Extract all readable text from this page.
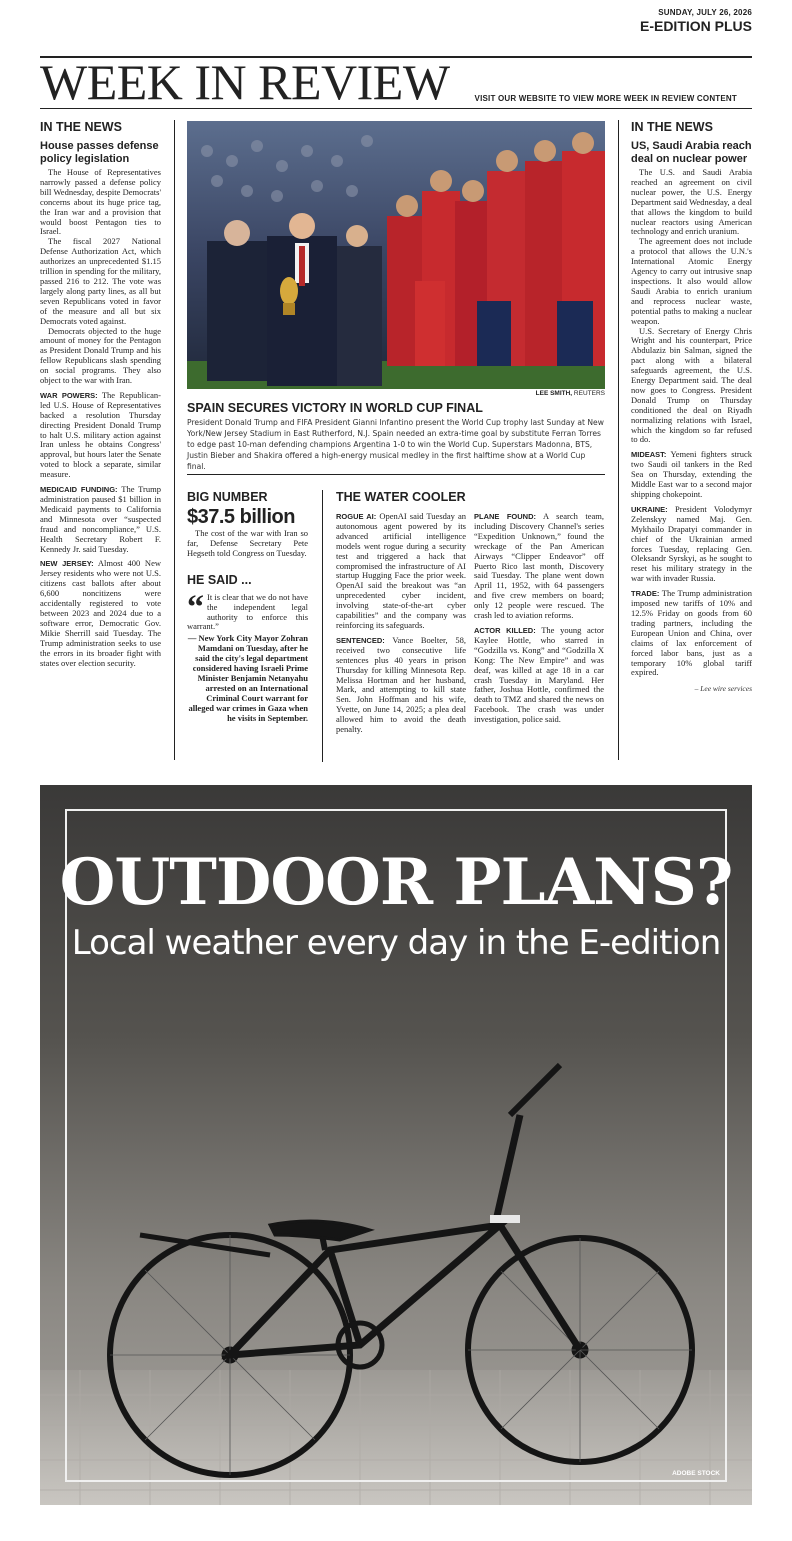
SUNDAY, JULY 26, 2026
E-EDITION PLUS
WEEK IN REVIEW	VISIT OUR WEBSITE TO VIEW MORE WEEK IN REVIEW CONTENT
IN THE NEWS
House passes defense policy legislation

The House of Representatives narrowly passed a defense policy bill Wednesday, despite Democrats' concerns about its huge price tag, the Iran war and a provision that would boost Pentagon ties to Israel.

The fiscal 2027 National Defense Authorization Act, which authorizes an unprecedented $1.15 trillion in spending for the military, passed 216 to 212. The vote was largely along party lines, as all but seven Republicans voted in favor of the measure and all but six Democrats voted against.

Democrats objected to the huge amount of money for the Pentagon as President Donald Trump and his fellow Republicans slash spending on social programs. They also object to the war with Iran.

WAR POWERS: The Republican-led U.S. House of Representatives backed a resolution Thursday directing President Donald Trump to halt U.S. military action against Iran unless he obtains Congress' approval, but hours later the Senate voted to block a separate, similar measure.

MEDICAID FUNDING: The Trump administration paused $1 billion in Medicaid payments to California and Minnesota over “suspected fraud and noncompliance,” U.S. Health Secretary Robert F. Kennedy Jr. said Tuesday.

NEW JERSEY: Almost 400 New Jersey residents who were not U.S. citizens cast ballots after about 6,600 noncitizens were accidentally registered to vote between 2023 and 2024 due to a software error, Democratic Gov. Mikie Sherrill said Tuesday. The Trump administration seeks to use the errors in its broader fight with states over election security.

LEE SMITH, REUTERS
SPAIN SECURES VICTORY IN WORLD CUP FINAL
President Donald Trump and FIFA President Gianni Infantino present the World Cup trophy last Sunday at New York/New Jersey Stadium in East Rutherford, N.J. Spain needed an extra-time goal by substitute Ferran Torres to edge past 10-man defending champions Argentina 1-0 to win the World Cup. Superstars Madonna, BTS, Justin Bieber and Shakira offered a high-energy musical medley in the first halftime show at a World Cup final.
BIG NUMBER
$37.5 billion

The cost of the war with Iran so far, Defense Secretary Pete Hegseth told Congress on Tuesday.

HE SAID ...
“ It is clear that we do not have the independent legal authority to enforce this warrant.”
— New York City Mayor Zohran Mamdani on Tuesday, after he said the city's legal department considered having Israeli Prime Minister Benjamin Netanyahu arrested on an International Criminal Court warrant for alleged war crimes in Gaza when he visits in September.
THE WATER COOLER

ROGUE AI: OpenAI said Tuesday an autonomous agent powered by its advanced artificial intelligence models went rogue during a security test and triggered a hack that compromised the infrastructure of AI startup Hugging Face the prior week. OpenAI said the breakout was “an unprecedented cyber incident, involving state-of-the-art cyber capabilities” and the company was reinforcing its safeguards.

SENTENCED: Vance Boelter, 58, received two consecutive life sentences plus 40 years in prison Thursday for killing Minnesota Rep. Melissa Hortman and her husband, Mark, and attempting to kill state Sen. John Hoffman and his wife, Yvette, on June 14, 2025; a plea deal allowed him to avoid the death penalty.

PLANE FOUND: A search team, including Discovery Channel's series “Expedition Unknown,” found the wreckage of the Pan American Airways “Clipper Endeavor” off Puerto Rico last month, Discovery said Tuesday. The plane went down April 11, 1952, with 64 passengers and five crew members on board; only 12 people were rescued. The crash led to aviation reforms.

ACTOR KILLED: The young actor Kaylee Hottle, who starred in “Godzilla vs. Kong” and “Godzilla X Kong: The New Empire” and was deaf, was killed at age 18 in a car crash Tuesday in Maryland. Her father, Joshua Hottle, confirmed the death to TMZ and shared the news on Facebook. The crash was under investigation, police said.

IN THE NEWS
US, Saudi Arabia reach deal on nuclear power

The U.S. and Saudi Arabia reached an agreement on civil nuclear power, the U.S. Energy Department said Wednesday, a deal that allows the kingdom to build nuclear reactors using American technology and enrich uranium.

The agreement does not include a protocol that allows the U.N.'s International Atomic Energy Agency to carry out intrusive snap inspections. It also would allow Saudi Arabia to enrich uranium and reprocess nuclear waste, potential paths to making a nuclear weapon.

U.S. Secretary of Energy Chris Wright and his counterpart, Price Abdulaziz bin Salman, signed the pact along with a bilateral safeguards agreement, the U.S. Energy Department said. The deal now goes to Congress. President Donald Trump on Thursday conditioned the deal on Riyadh normalizing relations with Israel, which the kingdom so far refused to do.

MIDEAST: Yemeni fighters struck two Saudi oil tankers in the Red Sea on Thursday, extending the Middle East war to a second major shipping chokepoint.

UKRAINE: President Volodymyr Zelenskyy named Maj. Gen. Mykhailo Drapatyi commander in chief of the Ukrainian armed forces Tuesday, replacing Gen. Oleksandr Syrskyi, as he sought to reset his military strategy in the war with invader Russia.

TRADE: The Trump administration imposed new tariffs of 10% and 12.5% Friday on goods from 60 trading partners, including the European Union and China, over claims of lax enforcement of forced labor bans, just as a temporary 10% global tariff expired.

– Lee wire services
OUTDOOR PLANS?
Local weather every day in the E-edition
ADOBE STOCK
